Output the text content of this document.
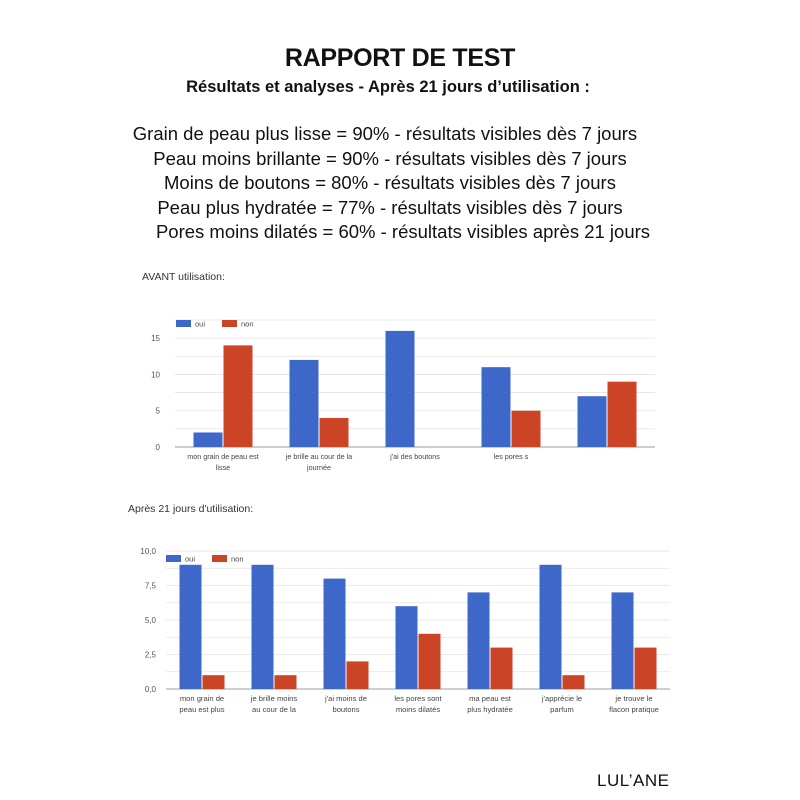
RAPPORT DE TEST
Résultats et analyses - Après 21 jours d’utilisation :
Grain de peau plus lisse = 90% - résultats visibles dès 7 jours
Peau moins brillante = 90% - résultats visibles dès 7 jours
Moins de boutons = 80% - résultats visibles dès 7 jours
Peau plus hydratée = 77% - résultats visibles dès 7 jours
Pores moins dilatés = 60% - résultats visibles après 21 jours
AVANT utilisation:
0
5
10
15
mon grain de peau est
lisse
je brille au cour de la
journée
j'ai des boutons	les pores s
oui	non
Après 21 jours d'utilisation:
0,0
2,5
5,0
7,5
10,0
mon grain de
peau est plus
je brille moins
au cour de la
j'ai moins de
boutons
les pores sont
moins dilatés
ma peau est
plus hydratée
j'apprécie le
parfum
je trouve le
flacon pratique
oui	non
LUL’ANE
